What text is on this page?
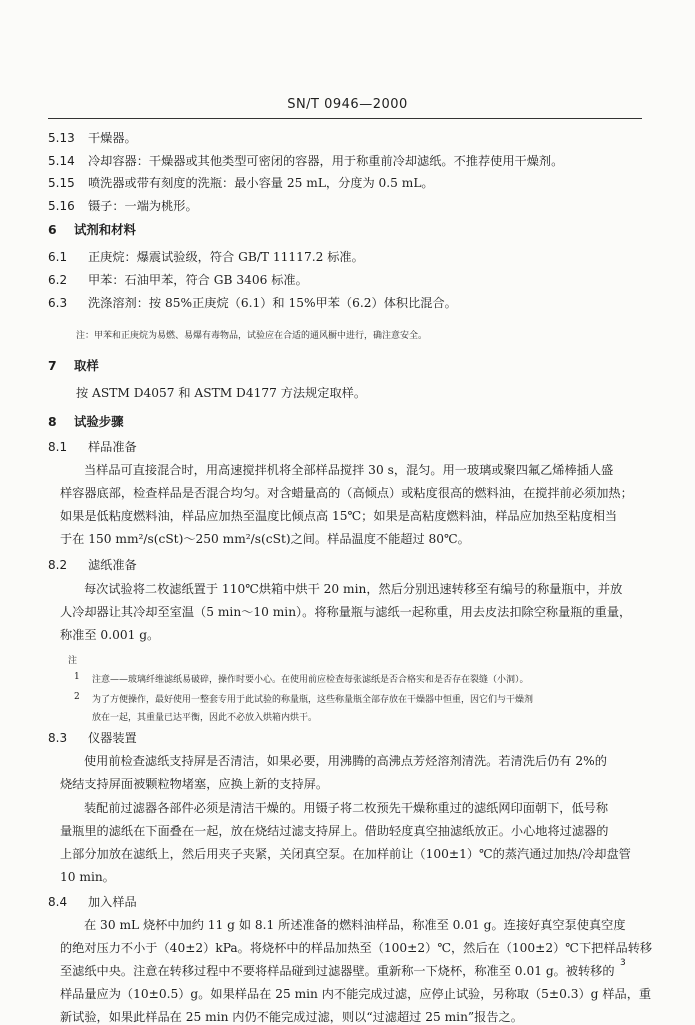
SN/T 0946—2000
5.13 干燥器。
5.14 冷却容器：干燥器或其他类型可密闭的容器，用于称重前冷却滤纸。不推荐使用干燥剂。
5.15 喷洗器或带有刻度的洗瓶：最小容量 25 mL，分度为 0.5 mL。
5.16 镊子：一端为桃形。
6 试剂和材料
6.1 正庚烷：爆震试验级，符合 GB/T 11117.2 标准。
6.2 甲苯：石油甲苯，符合 GB 3406 标准。
6.3 洗涤溶剂：按 85%正庚烷（6.1）和 15%甲苯（6.2）体积比混合。
注：甲苯和正庚烷为易燃、易爆有毒物品，试验应在合适的通风橱中进行，确注意安全。
7 取样
按 ASTM D4057 和 ASTM D4177 方法规定取样。
8 试验步骤
8.1 样品准备
当样品可直接混合时，用高速搅拌机将全部样品搅拌 30 s，混匀。用一玻璃或聚四氟乙烯棒插人盛
样容器底部，检查样品是否混合均匀。对含蜡量高的（高倾点）或粘度很高的燃料油，在搅拌前必须加热；
如果是低粘度燃料油，样品应加热至温度比倾点高 15℃；如果是高粘度燃料油，样品应加热至粘度相当
于在 150 mm²/s(cSt)～250 mm²/s(cSt)之间。样品温度不能超过 80℃。
8.2 滤纸准备
每次试验将二枚滤纸置于 110℃烘箱中烘干 20 min，然后分别迅速转移至有编号的称量瓶中，并放
人冷却器让其冷却至室温（5 min～10 min）。将称量瓶与滤纸一起称重，用去皮法扣除空称量瓶的重量，
称准至 0.001 g。
注
1 注意——玻璃纤维滤纸易破碎，操作时要小心。在使用前应检查每张滤纸是否合格实和是否存在裂缝（小洞）。
2 为了方便操作，最好使用一整套专用于此试验的称量瓶，这些称量瓶全部存放在干燥器中恒重，因它们与干燥剂
放在一起，其重量已达平衡，因此不必放入烘箱内烘干。
8.3 仪器装置
使用前检查滤纸支持屏是否清洁，如果必要，用沸腾的高沸点芳烃溶剂清洗。若清洗后仍有 2%的
烧结支持屏面被颗粒物堵塞，应换上新的支持屏。
装配前过滤器各部件必须是清洁干燥的。用镊子将二枚预先干燥称重过的滤纸网印面朝下，低号称
量瓶里的滤纸在下面叠在一起，放在烧结过滤支持屏上。借助轻度真空抽滤纸放正。小心地将过滤器的
上部分加放在滤纸上，然后用夹子夹紧，关闭真空泵。在加样前让（100±1）℃的蒸汽通过加热/冷却盘管
10 min。
8.4 加入样品
在 30 mL 烧杯中加约 11 g 如 8.1 所述准备的燃料油样品，称准至 0.01 g。连接好真空泵使真空度
的绝对压力不小于（40±2）kPa。将烧杯中的样品加热至（100±2）℃，然后在（100±2）℃下把样品转移
至滤纸中央。注意在转移过程中不要将样品碰到过滤器壁。重新称一下烧杯，称准至 0.01 g。被转移的
样品量应为（10±0.5）g。如果样品在 25 min 内不能完成过滤，应停止试验，另称取（5±0.3）g 样品，重
新试验，如果此样品在 25 min 内仍不能完成过滤，则以“过滤超过 25 min”报告之。
3
